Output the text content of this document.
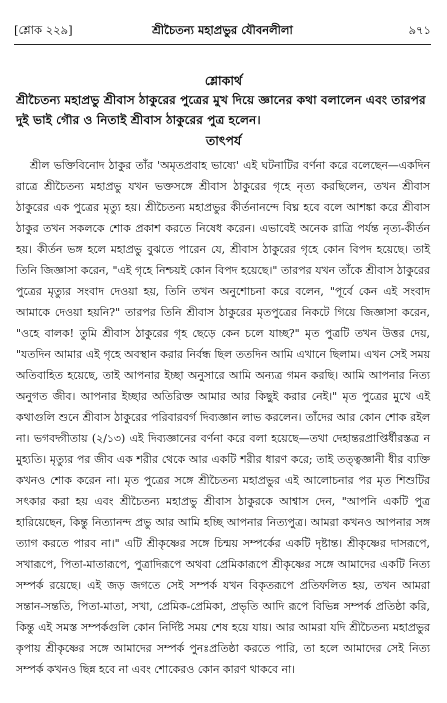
[শ্লোক ২২৯]	শ্রীচৈতন্য মহাপ্রভুর যৌবনলীলা	৯৭১
শ্লোকার্থ
শ্রীচৈতন্য মহাপ্রভু শ্রীবাস ঠাকুরের পুত্রের মুখ দিয়ে জ্ঞানের কথা বলালেন এবং তারপর দুই ভাই গৌর ও নিতাই শ্রীবাস ঠাকুরের পুত্র হলেন।
তাৎপর্য

শ্রীল ভক্তিবিনোদ ঠাকুর তাঁর 'অমৃতপ্রবাহ ভাষ্যে' এই ঘটনাটির বর্ণনা করে বলেছেন—একদিন রাত্রে শ্রীচৈতন্য মহাপ্রভু যখন ভক্তসঙ্গে শ্রীবাস ঠাকুরের গৃহে নৃত্য করছিলেন, তখন শ্রীবাস ঠাকুরের এক পুত্রের মৃত্যু হয়। শ্রীচৈতন্য মহাপ্রভুর কীর্তনানন্দে বিঘ্ন হবে বলে আশঙ্কা করে শ্রীবাস ঠাকুর তখন সকলকে শোক প্রকাশ করতে নিষেধ করেন। এভাবেই অনেক রাত্রি পর্যন্ত নৃত্য-কীর্তন হয়। কীর্তন ভঙ্গ হলে মহাপ্রভু বুঝতে পারেন যে, শ্রীবাস ঠাকুরের গৃহে কোন বিপদ হয়েছে। তাই তিনি জিজ্ঞাসা করেন, "এই গৃহে নিশ্চয়ই কোন বিপদ হয়েছে।" তারপর যখন তাঁকে শ্রীবাস ঠাকুরের পুত্রের মৃত্যুর সংবাদ দেওয়া হয়, তিনি তখন অনুশোচনা করে বলেন, "পূর্বে কেন এই সংবাদ আমাকে দেওয়া হয়নি?" তারপর তিনি শ্রীবাস ঠাকুরের মৃতপুত্রের নিকটে গিয়ে জিজ্ঞাসা করেন, "ওহে বালক! তুমি শ্রীবাস ঠাকুরের গৃহ ছেড়ে কেন চলে যাচ্ছ?" মৃত পুত্রটি তখন উত্তর দেয়, "যতদিন আমার এই গৃহে অবস্থান করার নির্বন্ধ ছিল ততদিন আমি এখানে ছিলাম। এখন সেই সময় অতিবাহিত হয়েছে, তাই আপনার ইচ্ছা অনুসারে আমি অন্যত্র গমন করছি। আমি আপনার নিত্য অনুগত জীব। আপনার ইচ্ছার অতিরিক্ত আমার আর কিছুই করার নেই।" মৃত পুত্রের মুখে এই কথাগুলি শুনে শ্রীবাস ঠাকুরের পরিবারবর্গ দিব্যজ্ঞান লাভ করলেন। তাঁদের আর কোন শোক রইল না। ভগবদ্গীতায় (২/১৩) এই দিব্যজ্ঞানের বর্ণনা করে বলা হয়েছে—তথা দেহান্তরপ্রাপ্তির্ধীরস্তত্র ন মুহ্যতি। মৃত্যুর পর জীব এক শরীর থেকে আর একটি শরীর ধারণ করে; তাই তত্ত্বজ্ঞানী ধীর ব্যক্তি কখনও শোক করেন না। মৃত পুত্রের সঙ্গে শ্রীচৈতন্য মহাপ্রভুর এই আলোচনার পর মৃত শিশুটির সৎকার করা হয় এবং শ্রীচৈতন্য মহাপ্রভু শ্রীবাস ঠাকুরকে আশ্বাস দেন, "আপনি একটি পুত্র হারিয়েছেন, কিন্তু নিত্যানন্দ প্রভু আর আমি হচ্ছি আপনার নিত্যপুত্র। আমরা কখনও আপনার সঙ্গ ত্যাগ করতে পারব না।" এটি শ্রীকৃষ্ণের সঙ্গে চিন্ময় সম্পর্কের একটি দৃষ্টান্ত। শ্রীকৃষ্ণের দাসরূপে, সখারূপে, পিতা-মাতারূপে, পুত্রাদিরূপে অথবা প্রেমিকারূপে শ্রীকৃষ্ণের সঙ্গে আমাদের একটি নিত্য সম্পর্ক রয়েছে। এই জড় জগতে সেই সম্পর্ক যখন বিকৃতরূপে প্রতিফলিত হয়, তখন আমরা সন্তান-সন্ততি, পিতা-মাতা, সখা, প্রেমিক-প্রেমিকা, প্রভৃতি আদি রূপে বিভিন্ন সম্পর্ক প্রতিষ্ঠা করি, কিন্তু এই সমস্ত সম্পর্কগুলি কোন নির্দিষ্ট সময় শেষ হয়ে যায়। আর আমরা যদি শ্রীচৈতন্য মহাপ্রভুর কৃপায় শ্রীকৃষ্ণের সঙ্গে আমাদের সম্পর্ক পুনঃপ্রতিষ্ঠা করতে পারি, তা হলে আমাদের সেই নিত্য সম্পর্ক কখনও ছিন্ন হবে না এবং শোকেরও কোন কারণ থাকবে না।
